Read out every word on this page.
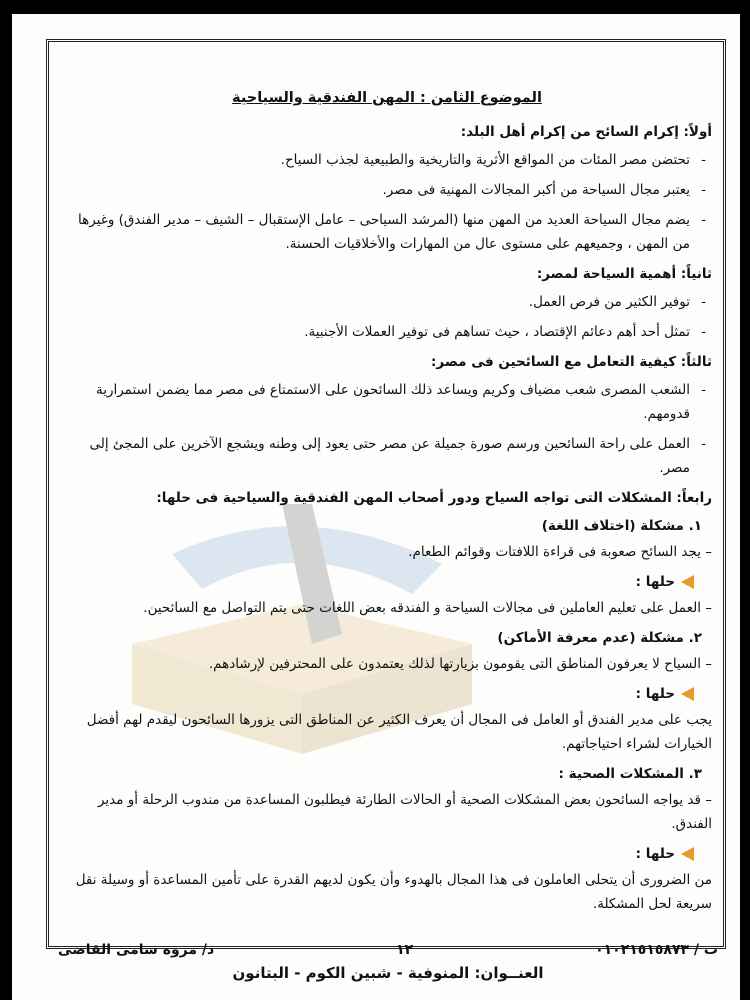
الموضوع الثامن : المهن الفندقية والسياحية
أولاً: إكرام السائح من إكرام أهل البلد:
- تحتضن مصر المئات من المواقع الأثرية والتاريخية والطبيعية لجذب السياح.
- يعتبر مجال السياحة من أكبر المجالات المهنية فى مصر.
- يضم مجال السياحة العديد من المهن منها (المرشد السياحى – عامل الإستقبال – الشيف – مدير الفندق) وغيرها من المهن ، وجميعهم على مستوى عال من المهارات والأخلاقيات الحسنة.
ثانياً: أهمية السياحة لمصر:
- توفير الكثير من فرص العمل.
- تمثل أحد أهم دعائم الإقتصاد ، حيث تساهم فى توفير العملات الأجنبية.
ثالثاً: كيفية التعامل مع السائحين فى مصر:
- الشعب المصرى شعب مضياف وكريم ويساعد ذلك السائحون على الاستمتاع فى مصر مما يضمن استمرارية قدومهم.
- العمل على راحة السائحين ورسم صورة جميلة عن مصر حتى يعود إلى وطنه ويشجع الآخرين على المجئ إلى مصر.
رابعاً: المشكلات التى تواجه السياح ودور أصحاب المهن الفندقية والسياحية فى حلها:
١. مشكلة (اختلاف اللغة)
– يجد السائح صعوبة فى قراءة اللافتات وقوائم الطعام.
حلها :
– العمل على تعليم العاملين فى مجالات السياحة و الفندقه بعض اللغات حتى يتم التواصل مع السائحين.
٢. مشكلة (عدم معرفة الأماكن)
– السياح لا يعرفون المناطق التى يقومون بزيارتها لذلك يعتمدون على المحترفين لإرشادهم.
حلها :
يجب على مدير الفندق أو العامل فى المجال أن يعرف الكثير عن المناطق التى يزورها السائحون ليقدم لهم أفضل الخيارات لشراء احتياجاتهم.
٣. المشكلات الصحية :
– قد يواجه السائحون بعض المشكلات الصحية أو الحالات الطارئة فيطلبون المساعدة من مندوب الرحلة أو مدير الفندق.
حلها :
من الضرورى أن يتحلى العاملون فى هذا المجال بالهدوء وأن يكون لديهم القدرة على تأمين المساعدة أو وسيلة نقل سريعة لحل المشكلة.
ت / ٠١٠٢١٥١٥٨٧٣
١٢
د/ مروه سامى القاضى
العنــوان: المنوفية - شبين الكوم - البتانون
